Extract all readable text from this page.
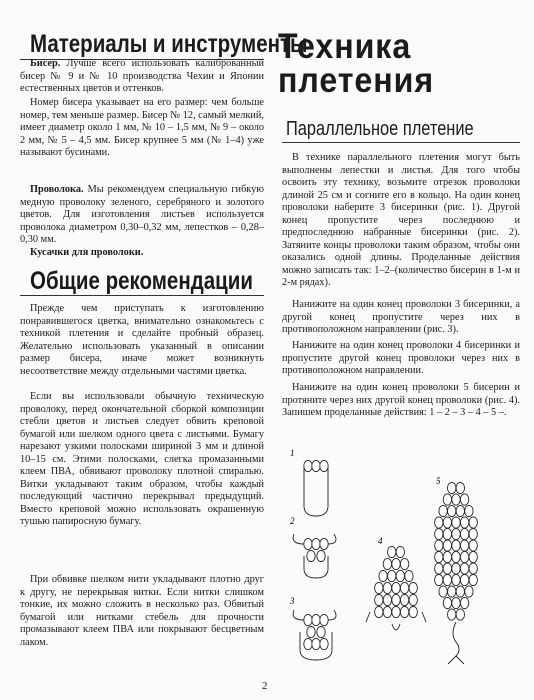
Материалы и инструменты

Бисер. Лучше всего использовать калиброванный бисер № 9 и № 10 производства Чехии и Японии естественных цветов и оттенков.

Номер бисера указывает на его размер: чем больше номер, тем меньше размер. Бисер № 12, самый мелкий, имеет диаметр около 1 мм, № 10 – 1,5 мм, № 9 – около 2 мм, № 5 – 4,5 мм. Бисер крупнее 5 мм (№ 1–4) уже называют бусинами.

Проволока. Мы рекомендуем специальную гибкую медную проволоку зеленого, серебряного и золотого цветов. Для изготовления листьев используется проволока диаметром 0,30–0,32 мм, лепестков – 0,28–0,30 мм.

Кусачки для проволоки.

Общие рекомендации

Прежде чем приступать к изготовлению понравившегося цветка, внимательно ознакомьтесь с техникой плетения и сделайте пробный образец. Желательно использовать указанный в описании размер бисера, иначе может возникнуть несоответствие между отдельными частями цветка.

Если вы использовали обычную техническую проволоку, перед окончательной сборкой композиции стебли цветов и листьев следует обвить креповой бумагой или шелком одного цвета с листьями. Бумагу нарезают узкими полосками шириной 3 мм и длиной 10–15 см. Этими полосками, слегка промазанными клеем ПВА, обвивают проволоку плотной спиралью. Витки укладывают таким образом, чтобы каждый последующий частично перекрывал предыдущий. Вместо креповой можно использовать окрашенную тушью папиросную бумагу.

При обвивке шелком нити укладывают плотно друг к другу, не перекрывая витки. Если нитки слишком тонкие, их можно сложить в несколько раз. Обвитый бумагой или нитками стебель для прочности промазывают клеем ПВА или покрывают бесцветным лаком.

Техника
плетения
Параллельное плетение

В технике параллельного плетения могут быть выполнены лепестки и листья. Для того чтобы освоить эту технику, возьмите отрезок проволоки длиной 25 см и согните его в кольцо. На один конец проволоки наберите 3 бисеринки (рис. 1). Другой конец пропустите через последнюю и предпоследнюю набранные бисеринки (рис. 2). Затяните концы проволоки таким образом, чтобы они оказались одной длины. Проделанные действия можно записать так: 1–2–(количество бисерин в 1-м и 2-м рядах).

Нанижите на один конец проволоки 3 бисеринки, а другой конец пропустите через них в противоположном направлении (рис. 3).

Нанижите на один конец проволоки 4 бисеринки и пропустите другой конец проволоки через них в противоположном направлении.

Нанижите на один конец проволоки 5 бисерин и протяните через них другой конец проволоки (рис. 4). Запишем проделанные действия: 1 – 2 – 3 – 4 – 5 –.

1
2
3
4
5
2
